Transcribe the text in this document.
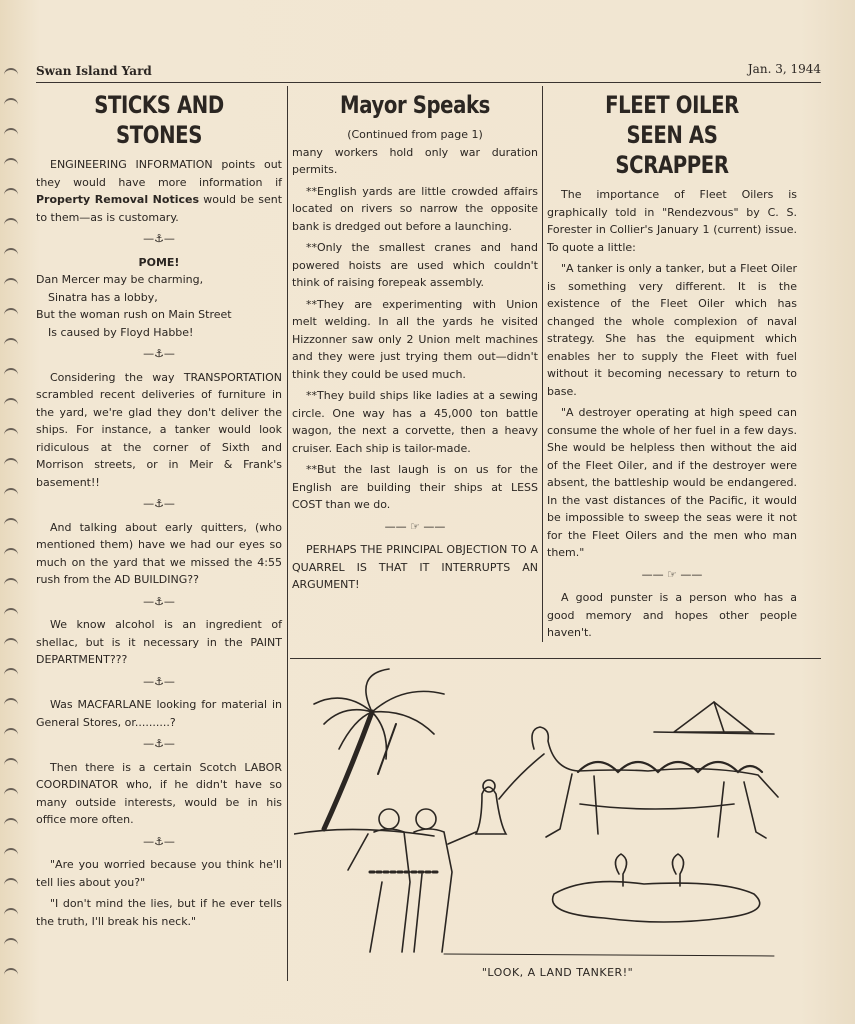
Swan Island Yard	Jan. 3, 1944
STICKS AND STONES

ENGINEERING INFORMATION points out they would have more information if Property Removal Notices would be sent to them—as is customary.

—⚓—
POME!
Dan Mercer may be charming,
Sinatra has a lobby,
But the woman rush on Main Street
Is caused by Floyd Habbe!
—⚓—

Considering the way TRANSPORTATION scrambled recent deliveries of furniture in the yard, we're glad they don't deliver the ships. For instance, a tanker would look ridiculous at the corner of Sixth and Morrison streets, or in Meir & Frank's basement!!

—⚓—

And talking about early quitters, (who mentioned them) have we had our eyes so much on the yard that we missed the 4:55 rush from the AD BUILDING??

—⚓—

We know alcohol is an ingredient of shellac, but is it necessary in the PAINT DEPARTMENT???

—⚓—

Was MACFARLANE looking for material in General Stores, or..........?

—⚓—

Then there is a certain Scotch LABOR COORDINATOR who, if he didn't have so many outside interests, would be in his office more often.

—⚓—

"Are you worried because you think he'll tell lies about you?"

"I don't mind the lies, but if he ever tells the truth, I'll break his neck."

Mayor Speaks
(Continued from page 1)

many workers hold only war duration permits.

**English yards are little crowded affairs located on rivers so narrow the opposite bank is dredged out before a launching.

**Only the smallest cranes and hand powered hoists are used which couldn't think of raising forepeak assembly.

**They are experimenting with Union melt welding. In all the yards he visited Hizzonner saw only 2 Union melt machines and they were just trying them out—didn't think they could be used much.

**They build ships like ladies at a sewing circle. One way has a 45,000 ton battle wagon, the next a corvette, then a heavy cruiser. Each ship is tailor-made.

**But the last laugh is on us for the English are building their ships at LESS COST than we do.

—— ☞ ——

PERHAPS THE PRINCIPAL OBJECTION TO A QUARREL IS THAT IT INTERRUPTS AN ARGUMENT!

FLEET OILER
SEEN AS SCRAPPER

The importance of Fleet Oilers is graphically told in "Rendezvous" by C. S. Forester in Collier's January 1 (current) issue. To quote a little:

"A tanker is only a tanker, but a Fleet Oiler is something very different. It is the existence of the Fleet Oiler which has changed the whole complexion of naval strategy. She has the equipment which enables her to supply the Fleet with fuel without it becoming necessary to return to base.

"A destroyer operating at high speed can consume the whole of her fuel in a few days. She would be helpless then without the aid of the Fleet Oiler, and if the destroyer were absent, the battleship would be endangered. In the vast distances of the Pacific, it would be impossible to sweep the seas were it not for the Fleet Oilers and the men who man them."

—— ☞ ——

A good punster is a person who has a good memory and hopes other people haven't.

"LOOK, A LAND TANKER!"
